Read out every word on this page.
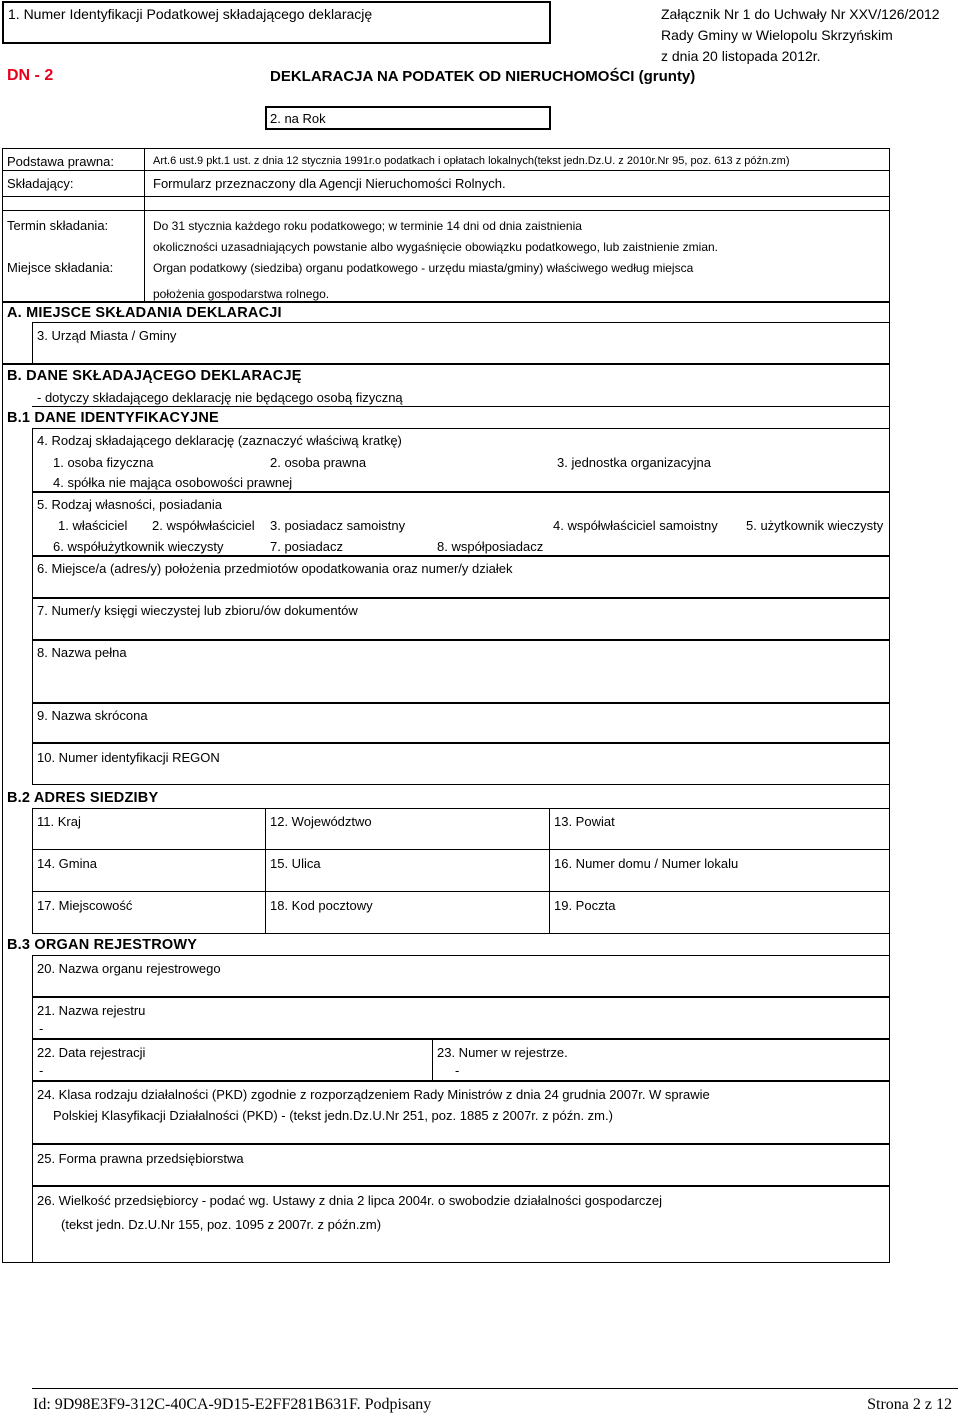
1. Numer Identyfikacji Podatkowej składającego deklarację	Załącznik Nr 1 do Uchwały Nr XXV/126/2012
Rady Gminy w Wielopolu Skrzyńskim
z dnia 20 listopada 2012r.
DN - 2	DEKLARACJA NA PODATEK OD NIERUCHOMOŚCI (grunty)
2. na Rok
Podstawa prawna:	Art.6 ust.9 pkt.1 ust. z dnia 12 stycznia 1991r.o podatkach i opłatach lokalnych(tekst jedn.Dz.U. z 2010r.Nr 95, poz. 613 z późn.zm)
Składający:	Formularz przeznaczony dla Agencji Nieruchomości Rolnych.
Termin składania:	Do 31 stycznia każdego roku podatkowego; w terminie 14 dni od dnia zaistnienia
okoliczności uzasadniających powstanie albo wygaśnięcie obowiązku podatkowego, lub zaistnienie zmian.
Miejsce składania:	Organ podatkowy (siedziba) organu podatkowego - urzędu miasta/gminy) właściwego według miejsca
położenia gospodarstwa rolnego.
A. MIEJSCE SKŁADANIA DEKLARACJI
3. Urząd Miasta / Gminy
B. DANE SKŁADAJĄCEGO DEKLARACJĘ
- dotyczy składającego deklarację nie będącego osobą fizyczną
B.1 DANE IDENTYFIKACYJNE
4. Rodzaj składającego deklarację (zaznaczyć właściwą kratkę)
1. osoba fizyczna	2. osoba prawna	3. jednostka organizacyjna
4. spółka nie mająca osobowości prawnej
5. Rodzaj własności, posiadania
1. właściciel 2. współwłaściciel 3. posiadacz samoistny	4. współwłaściciel samoistny 5. użytkownik wieczysty
6. współużytkownik wieczysty	7. posiadacz	8. współposiadacz
6. Miejsce/a (adres/y) położenia przedmiotów opodatkowania oraz numer/y działek
7. Numer/y księgi wieczystej lub zbioru/ów dokumentów
8. Nazwa pełna
9. Nazwa skrócona
10. Numer identyfikacji REGON
B.2 ADRES SIEDZIBY
11. Kraj	12. Województwo	13. Powiat
14. Gmina	15. Ulica	16. Numer domu / Numer lokalu
17. Miejscowość	18. Kod pocztowy	19. Poczta
B.3 ORGAN REJESTROWY
20. Nazwa organu rejestrowego
21. Nazwa rejestru
-
22. Data rejestracji
-
23. Numer w rejestrze.
-
24. Klasa rodzaju działalności (PKD) zgodnie z rozporządzeniem Rady Ministrów z dnia 24 grudnia 2007r. W sprawie
Polskiej Klasyfikacji Działalności (PKD) - (tekst jedn.Dz.U.Nr 251, poz. 1885 z 2007r. z późn. zm.)
25. Forma prawna przedsiębiorstwa
26. Wielkość przedsiębiorcy - podać wg. Ustawy z dnia 2 lipca 2004r. o swobodzie działalności gospodarczej
(tekst jedn. Dz.U.Nr 155, poz. 1095 z 2007r. z późn.zm)
Id: 9D98E3F9-312C-40CA-9D15-E2FF281B631F. Podpisany	Strona 2 z 12
